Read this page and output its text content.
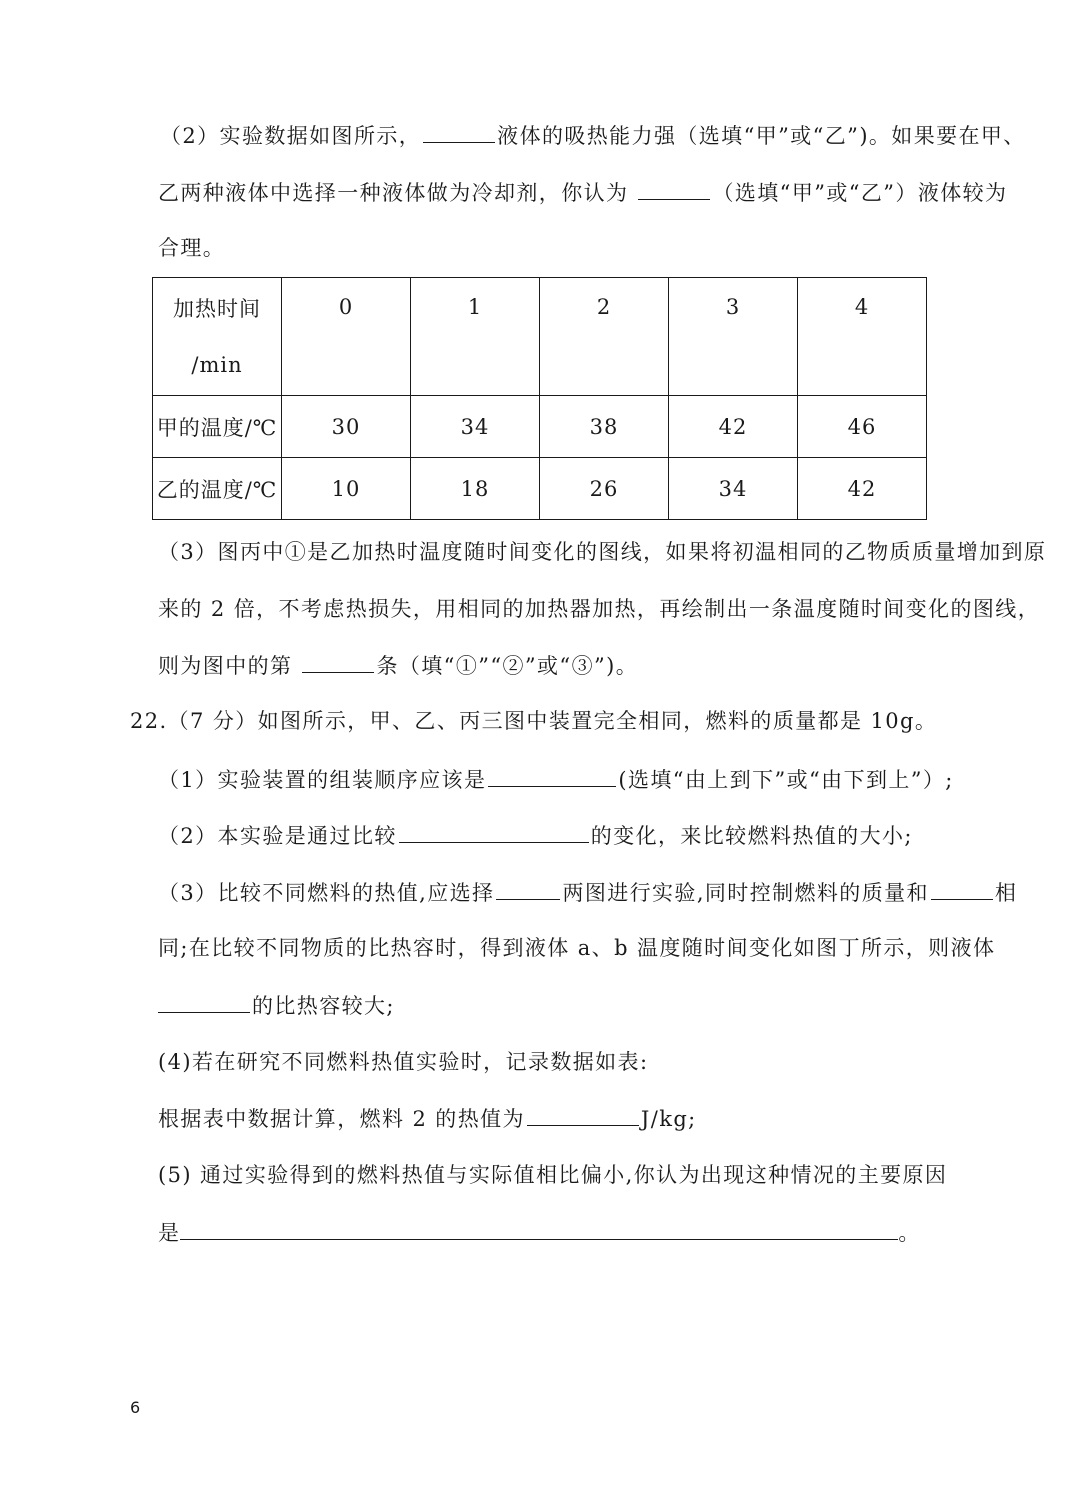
（2）实验数据如图所示，	液体的吸热能力强（选填“甲”或“乙”)。如果要在甲、
乙两种液体中选择一种液体做为冷却剂，你认为	（选填“甲”或“乙”）液体较为
合理。
加热时间
/min	0	1	2	3	4

甲的温度/℃	30	34	38	42	46
乙的温度/℃	10	18	26	34	42
（3）图丙中①是乙加热时温度随时间变化的图线，如果将初温相同的乙物质质量增加到原
来的 2 倍，不考虑热损失，用相同的加热器加热，再绘制出一条温度随时间变化的图线，
则为图中的第	条（填“①”“②”或“③”)。
22.（7 分）如图所示，甲、乙、丙三图中装置完全相同，燃料的质量都是 10g。
（1）实验装置的组装顺序应该是	(选填“由上到下”或“由下到上”）;
（2）本实验是通过比较	的变化，来比较燃料热值的大小;
（3）比较不同燃料的热值,应选择	两图进行实验,同时控制燃料的质量和	相
同;在比较不同物质的比热容时，得到液体 a、b 温度随时间变化如图丁所示，则液体
的比热容较大;
(4)若在研究不同燃料热值实验时，记录数据如表:
根据表中数据计算，燃料 2 的热值为	J/kg;
(5) 通过实验得到的燃料热值与实际值相比偏小,你认为出现这种情况的主要原因
是	。
6
